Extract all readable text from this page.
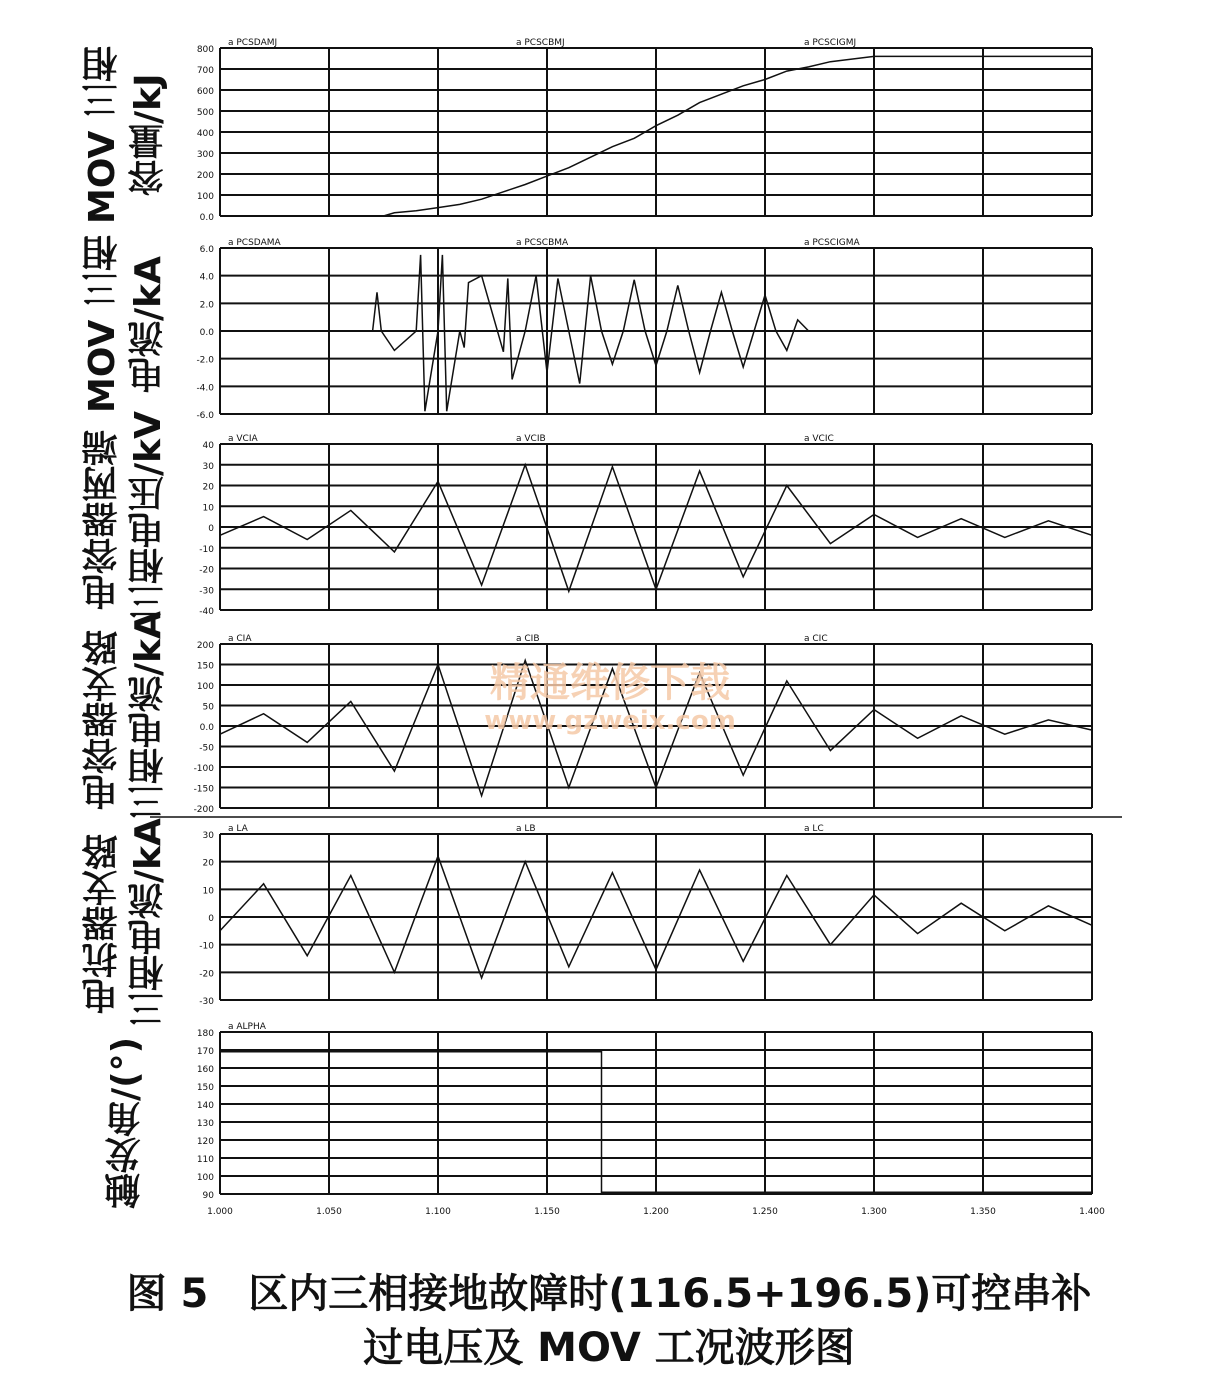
800
700
600
500
400
300
200
100
0.0
a PCSDAMJ	a PCSCBMJ	a PCSCIGMJ
6.0
4.0
2.0
0.0
-2.0
-4.0
-6.0
a PCSDAMA	a PCSCBMA	a PCSCIGMA
40
30
20
10
0
-10
-20
-30
-40
a VCIA	a VCIB	a VCIC
200
150
100
50
0.0
-50
-100
-150
-200
a CIA	a CIB	a CIC
30
20
10
0
-10
-20
-30
a LA	a LB	a LC
180
170
160
150
140
130
120
110
100
90
a ALPHA
1.000	1.050	1.100	1.150	1.200	1.250	1.300	1.350	1.400
MOV 三相 容量/kJ
MOV 三相 电流/kA
电容器两端 三相电压/kV
电容器支路 三相电流/kA
电抗器支路 三相电流/kA
触发角/(°)
精通维修下载
www.gzweix.com
图 5　 区内三相接地故障时(116.5+196.5)可控串补
过电压及 MOV 工况波形图
